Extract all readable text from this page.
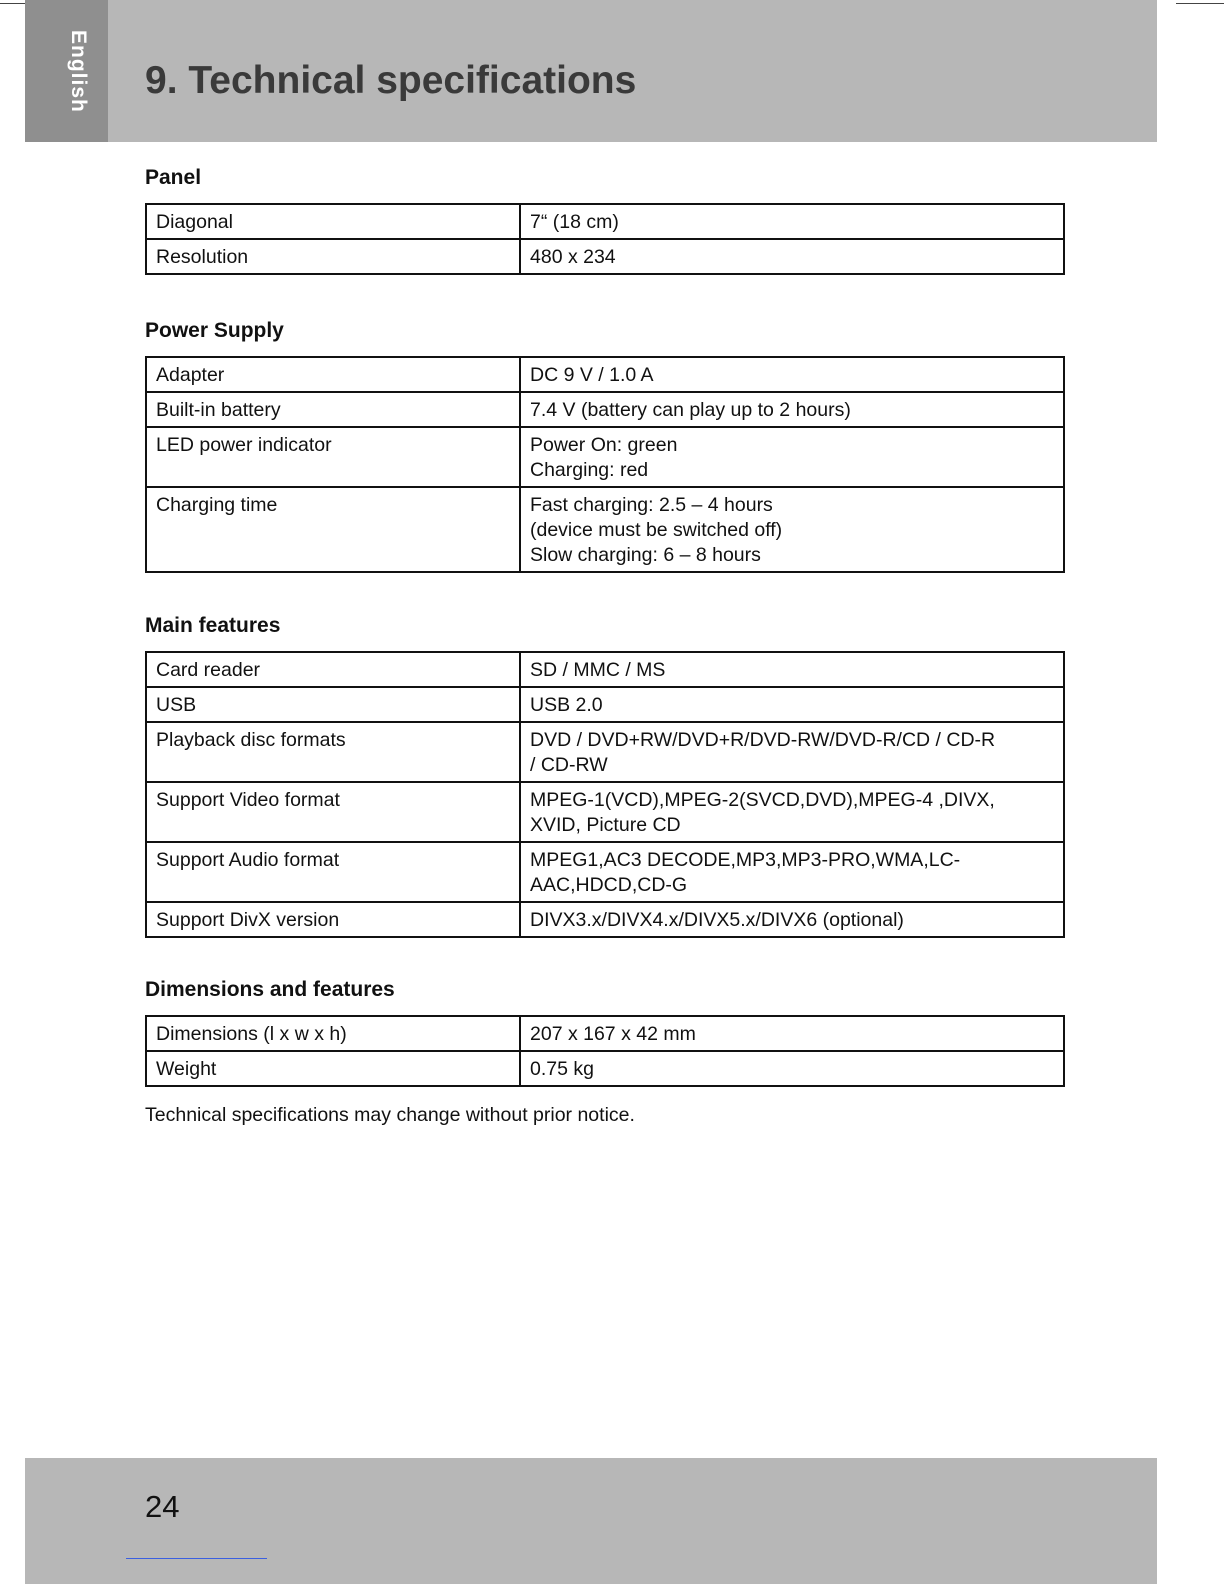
English 9. Technical specifications
Panel
Diagonal	7“ (18 cm)
Resolution	480 x 234
Power Supply
Adapter	DC 9 V / 1.0 A
Built-in battery	7.4 V (battery can play up to 2 hours)
LED power indicator	Power On: green
Charging: red
Charging time	Fast charging: 2.5 – 4 hours
(device must be switched off)
Slow charging: 6 – 8 hours
Main features
Card reader	SD / MMC / MS
USB	USB 2.0
Playback disc formats	DVD / DVD+RW/DVD+R/DVD-RW/DVD-R/CD / CD-R
/ CD-RW
Support Video format	MPEG-1(VCD),MPEG-2(SVCD,DVD),MPEG-4 ,DIVX,
XVID, Picture CD
Support Audio format	MPEG1,AC3 DECODE,MP3,MP3-PRO,WMA,LC-
AAC,HDCD,CD-G
Support DivX version	DIVX3.x/DIVX4.x/DIVX5.x/DIVX6 (optional)
Dimensions and features
Dimensions (l x w x h)	207 x 167 x 42 mm
Weight	0.75 kg

Technical specifications may change without prior notice.

24
